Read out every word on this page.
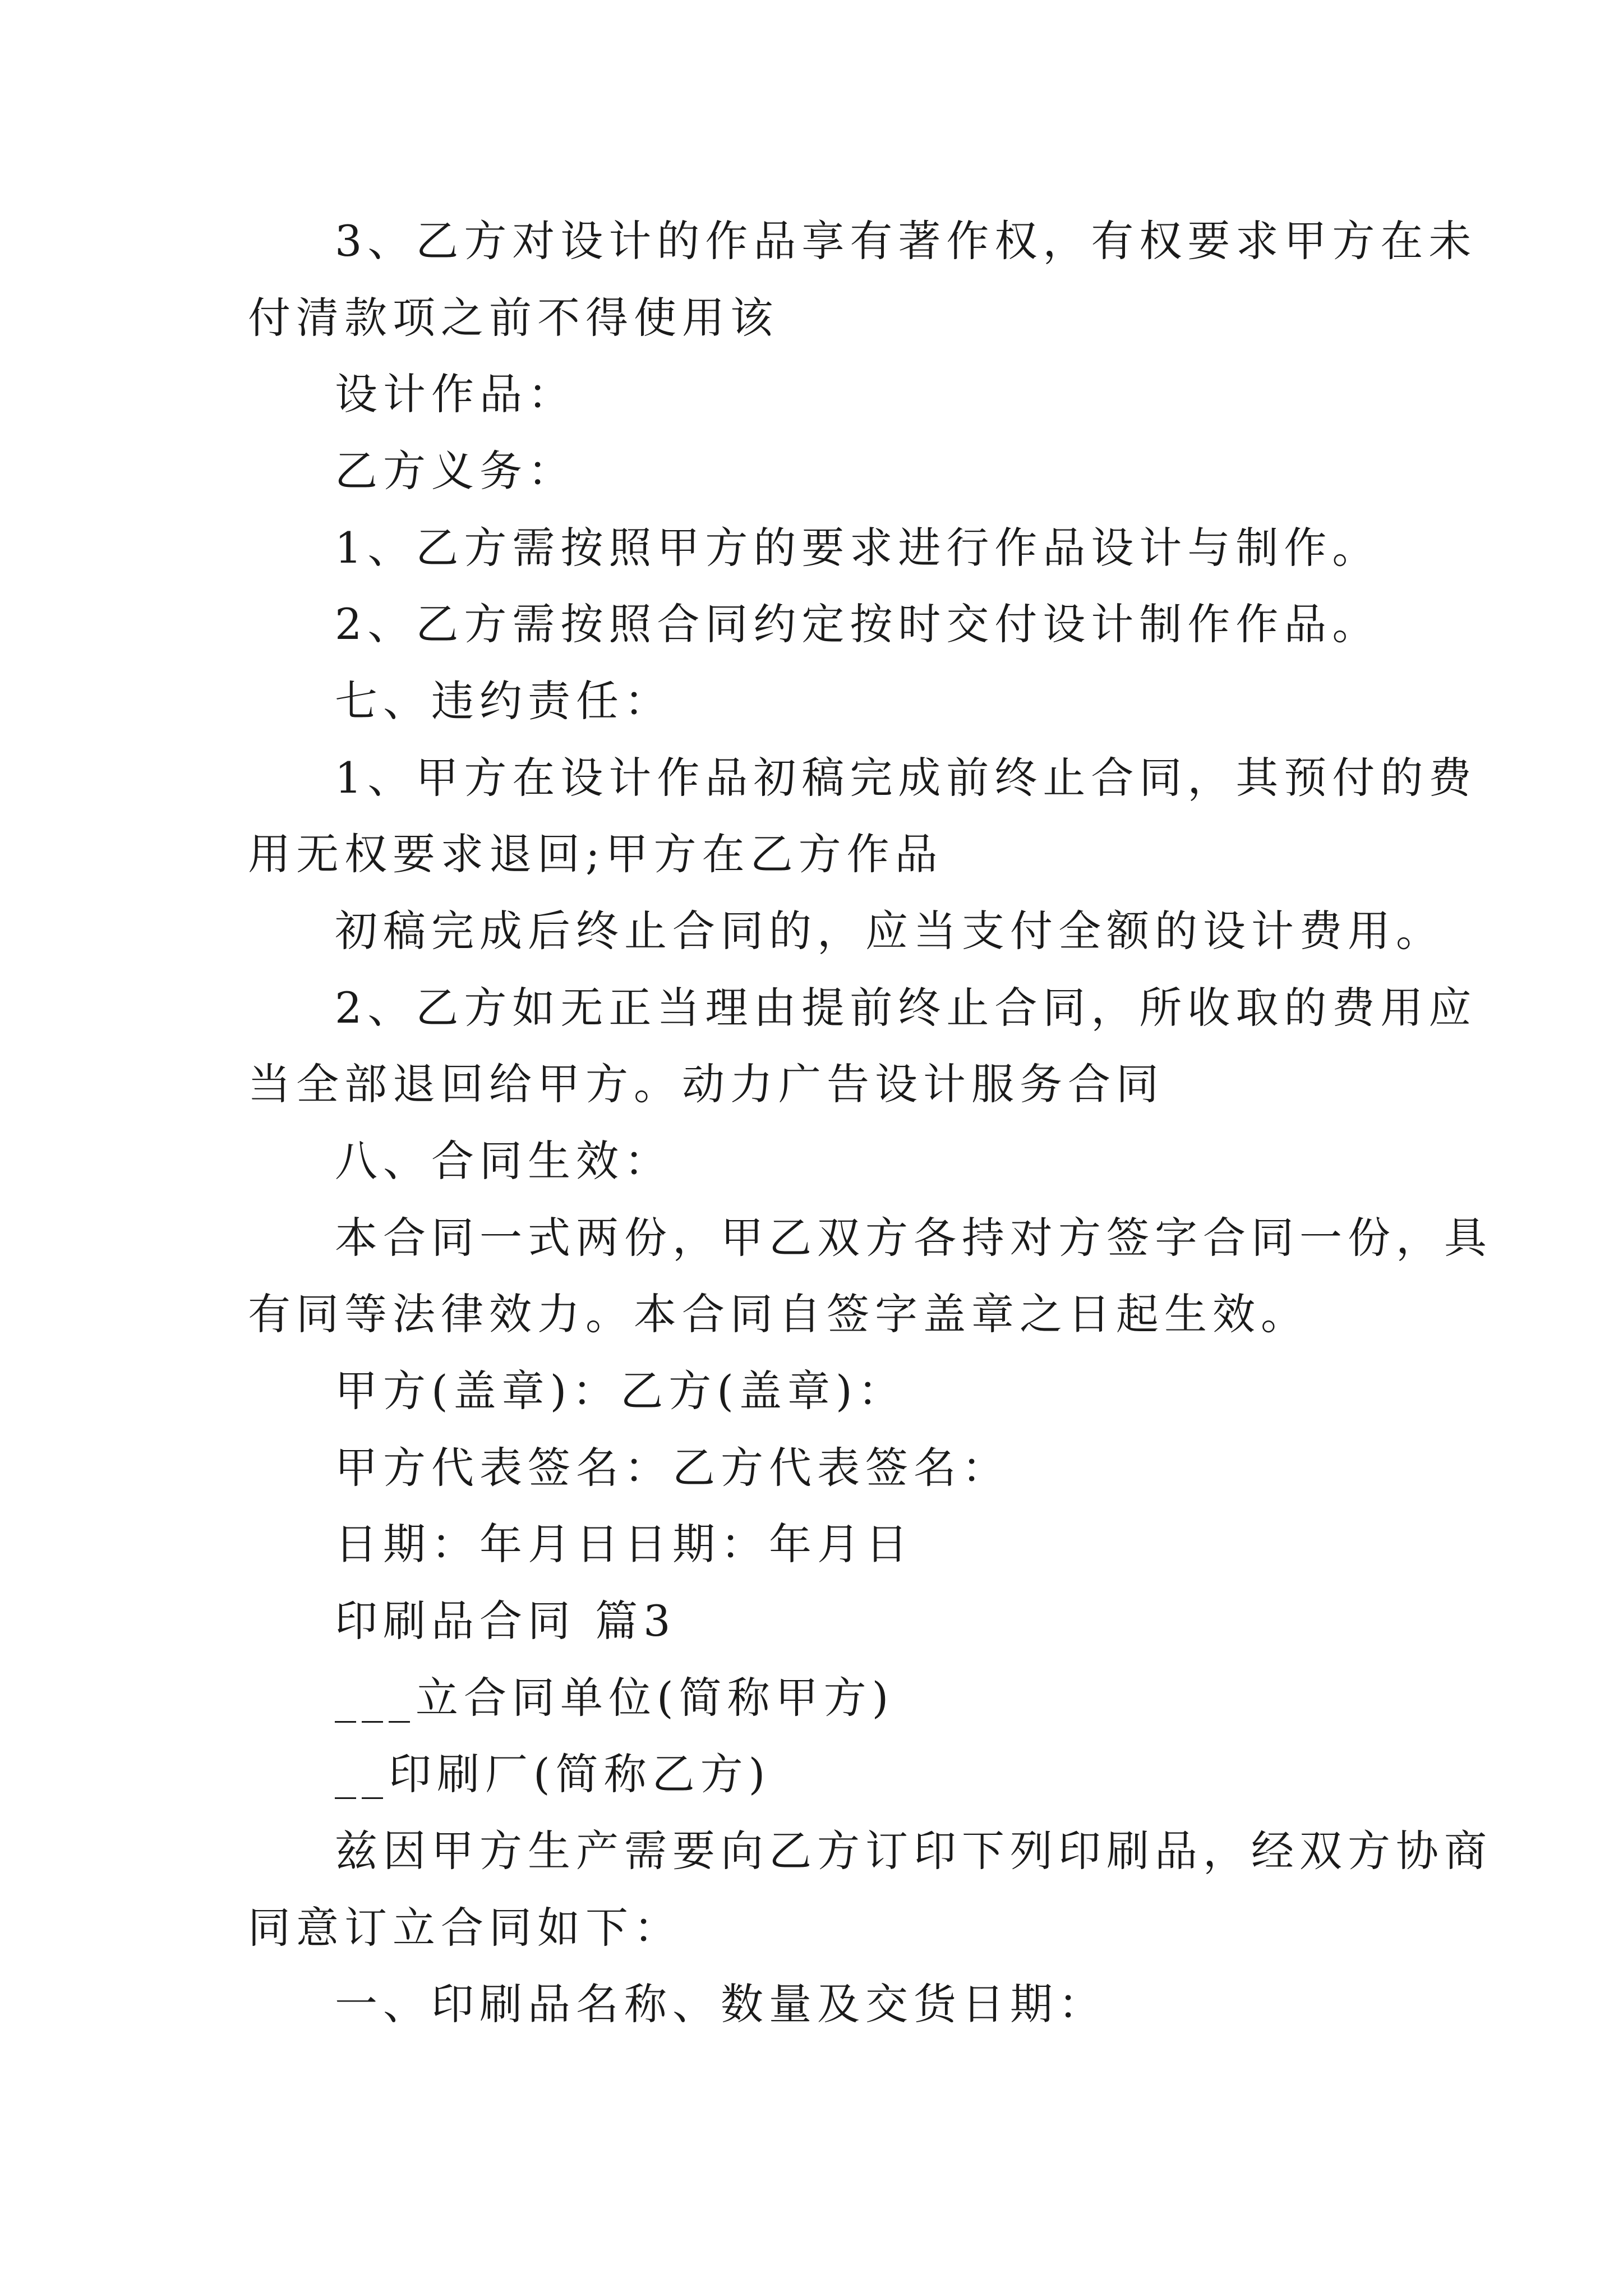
3、乙方对设计的作品享有著作权，有权要求甲方在未
付清款项之前不得使用该
设计作品：
乙方义务：
1、乙方需按照甲方的要求进行作品设计与制作。
2、乙方需按照合同约定按时交付设计制作作品。
七、违约责任：
1、甲方在设计作品初稿完成前终止合同，其预付的费
用无权要求退回;甲方在乙方作品
初稿完成后终止合同的，应当支付全额的设计费用。
2、乙方如无正当理由提前终止合同，所收取的费用应
当全部退回给甲方。动力广告设计服务合同
八、合同生效：
本合同一式两份，甲乙双方各持对方签字合同一份，具
有同等法律效力。本合同自签字盖章之日起生效。
甲方(盖章)：乙方(盖章)：
甲方代表签名：乙方代表签名：
日期：年月日日期：年月日
印刷品合同 篇3
___立合同单位(简称甲方)
__印刷厂(简称乙方)
兹因甲方生产需要向乙方订印下列印刷品，经双方协商
同意订立合同如下：
一、印刷品名称、数量及交货日期：
